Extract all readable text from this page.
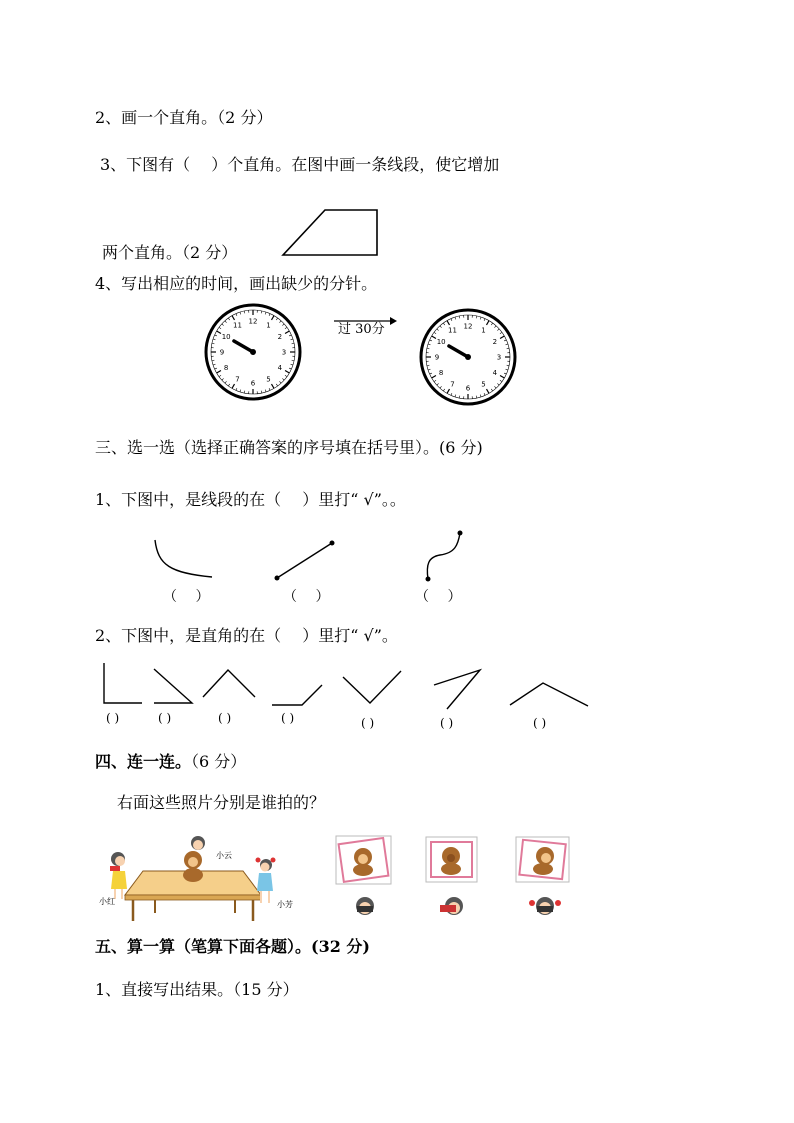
2、画一个直角。（2 分）
3、下图有（　 ）个直角。在图中画一条线段，使它增加
两个直角。（2 分）
4、写出相应的时间，画出缺少的分针。
12
1
2
3
4
5
6
7
8
9
10
11	12
1
2
3
4
5
6
7
8
9
10
11
过 30分
三、选一选（选择正确答案的序号填在括号里）。(6 分)
1、下图中，是线段的在（　 ）里打“ √”。。
（　 ）	（　 ）	（　 ）
2、下图中，是直角的在（　 ）里打“ √”。
( )	( )	( )	( )	( )	( )	( )
四、连一连。（6 分）
右面这些照片分别是谁拍的？
小云
小红	小芳
五、算一算（笔算下面各题）。(32 分)
1、直接写出结果。（15 分）
